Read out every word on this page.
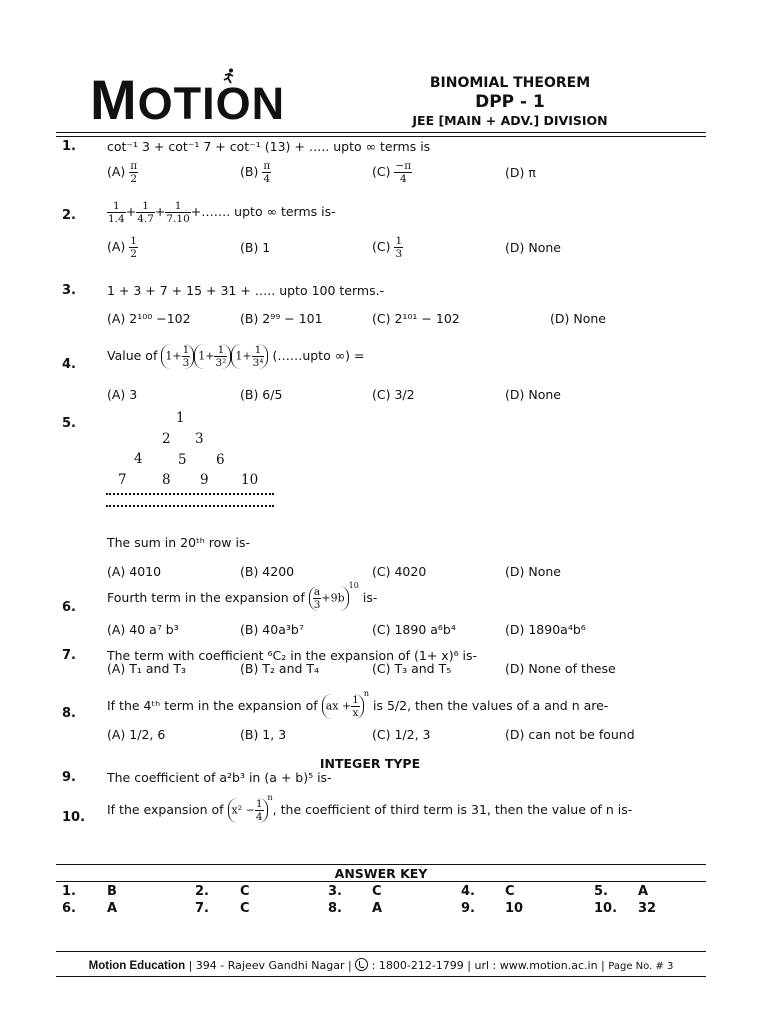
MOTION	BINOMIAL THEOREM
DPP - 1
JEE [MAIN + ADV.] DIVISION
1. cot⁻¹ 3 + cot⁻¹ 7 + cot⁻¹ (13) + ….. upto ∞ terms is
$(A) \frac{\pi}{2}$	$(B) \frac{\pi}{4}$	$(C) \frac{-\pi}{4}$	(D) π
2.	$\frac{1}{1.4} + \frac{1}{4.7} + \frac{1}{7.10}$ +……. upto ∞ terms is-
$(A) \frac{1}{2}$	(B) 1	$(C) \frac{1}{3}$	(D) None
3. 1 + 3 + 7 + 15 + 31 + ….. upto 100 terms.-
(A) 2¹⁰⁰ −102	(B) 2⁹⁹ − 101	(C) 2¹⁰¹ − 102	(D) None
4.
Value of $1+ \frac{1}{3} 1+ \frac{1}{\text{3²}} 1+ \frac{1}{\text{3⁴}}$ (……upto ∞) =
(A) 3	(B) 6/5	(C) 3/2	(D) None
5.	1
2 3
4	5 6
7	8 9 10
The sum in 20ᵗʰ row is-
(A) 4010	(B) 4200	(C) 4020	(D) None
6.
Fourth term in the expansion of $\frac{a}{3} +9b^{10}$ is-
(A) 40 a⁷ b³	(B) 40a³b⁷	(C) 1890 a⁶b⁴	(D) 1890a⁴b⁶
7. The term with coefficient ⁶C₂ in the expansion of (1+ x)⁶ is-
(A) T₁ and T₃	(B) T₂ and T₄	(C) T₃ and T₅	(D) None of these
8.
If the 4ᵗʰ term in the expansion of ax + $\frac{1}{x}$
$^n$ is 5/2, then the values of a and n are-
(A) 1/2, 6	(B) 1, 3	(C) 1/2, 3	(D) can not be found
INTEGER TYPE
9. The coefficient of a²b³ in (a + b)⁵ is-
10.
If the expansion of $x^2 - \frac{1}{4}$
$^n$, the coefficient of third term is 31, then the value of n is-
ANSWER KEY
1. B	2. C	3. C	4. C	5. A
6. A	7. C	8. A	9. 10	10. 32
Motion Education | 394 - Rajeev Gandhi Nagar | : 1800-212-1799 | url : www.motion.ac.in | Page No. # 3
